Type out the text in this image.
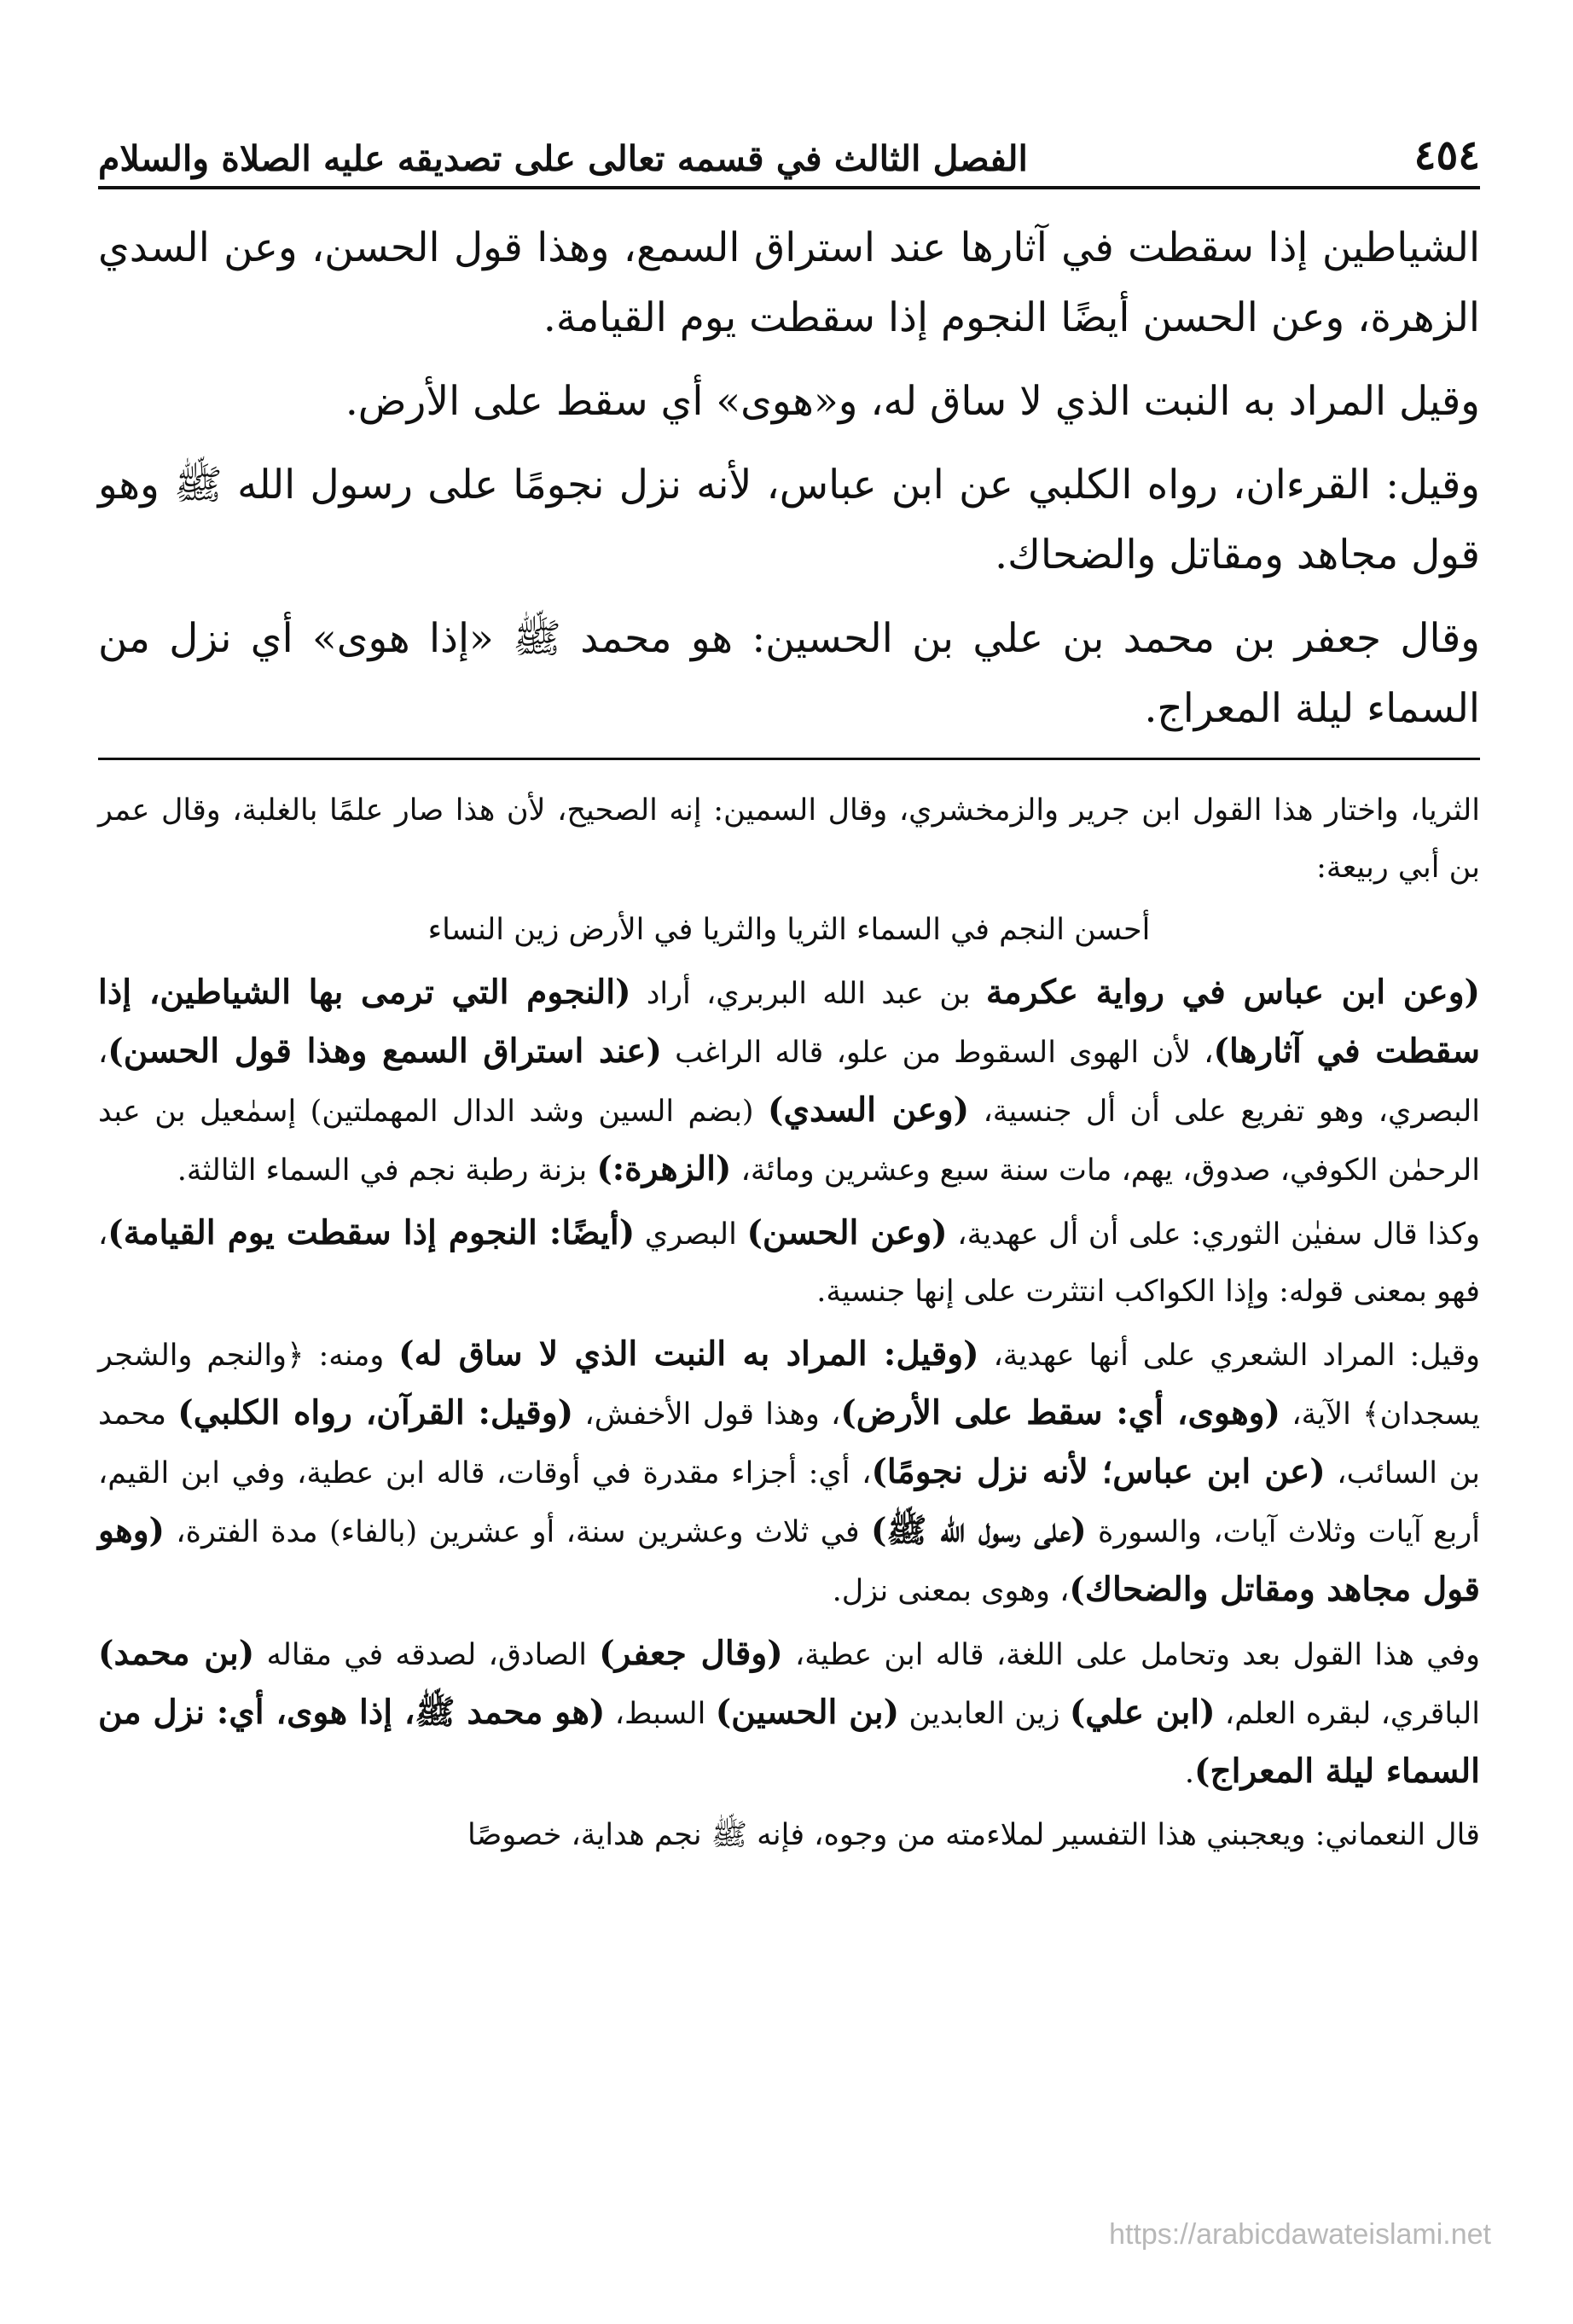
٤٥٤
الفصل الثالث في قسمه تعالى على تصديقه عليه الصلاة والسلام

الشياطين إذا سقطت في آثارها عند استراق السمع، وهذا قول الحسن، وعن السدي الزهرة، وعن الحسن أيضًا النجوم إذا سقطت يوم القيامة.

وقيل المراد به النبت الذي لا ساق له، و«هوى» أي سقط على الأرض.

وقيل: القرءان، رواه الكلبي عن ابن عباس، لأنه نزل نجومًا على رسول الله ﷺ وهو قول مجاهد ومقاتل والضحاك.

وقال جعفر بن محمد بن علي بن الحسين: هو محمد ﷺ «إذا هوى» أي نزل من السماء ليلة المعراج.

الثريا، واختار هذا القول ابن جرير والزمخشري، وقال السمين: إنه الصحيح، لأن هذا صار علمًا بالغلبة، وقال عمر بن أبي ربيعة:

أحسن النجم في السماء الثريا والثريا في الأرض زين النساء

(وعن ابن عباس في رواية عكرمة بن عبد الله البربري، أراد (النجوم التي ترمى بها الشياطين، إذا سقطت في آثارها)، لأن الهوى السقوط من علو، قاله الراغب (عند استراق السمع وهذا قول الحسن)، البصري، وهو تفريع على أن أل جنسية، (وعن السدي) (بضم السين وشد الدال المهملتين) إسمٰعيل بن عبد الرحمٰن الكوفي، صدوق، يهم، مات سنة سبع وعشرين ومائة، (الزهرة:) بزنة رطبة نجم في السماء الثالثة.

وكذا قال سفيٰن الثوري: على أن أل عهدية، (وعن الحسن) البصري (أيضًا: النجوم إذا سقطت يوم القيامة)، فهو بمعنى قوله: وإذا الكواكب انتثرت على إنها جنسية.

وقيل: المراد الشعري على أنها عهدية، (وقيل: المراد به النبت الذي لا ساق له) ومنه: ﴿والنجم والشجر يسجدان﴾ الآية، (وهوى، أي: سقط على الأرض)، وهذا قول الأخفش، (وقيل: القرآن، رواه الكلبي) محمد بن السائب، (عن ابن عباس؛ لأنه نزل نجومًا)، أي: أجزاء مقدرة في أوقات، قاله ابن عطية، وفي ابن القيم، أربع آيات وثلاث آيات، والسورة (على رسول الله ﷺ) في ثلاث وعشرين سنة، أو عشرين (بالفاء) مدة الفترة، (وهو قول مجاهد ومقاتل والضحاك)، وهوى بمعنى نزل.

وفي هذا القول بعد وتحامل على اللغة، قاله ابن عطية، (وقال جعفر) الصادق، لصدقه في مقاله (بن محمد) الباقري، لبقره العلم، (ابن علي) زين العابدين (بن الحسين) السبط، (هو محمد ﷺ، إذا هوى، أي: نزل من السماء ليلة المعراج).

قال النعماني: ويعجبني هذا التفسير لملاءمته من وجوه، فإنه ﷺ نجم هداية، خصوصًا

https://arabicdawateislami.net
